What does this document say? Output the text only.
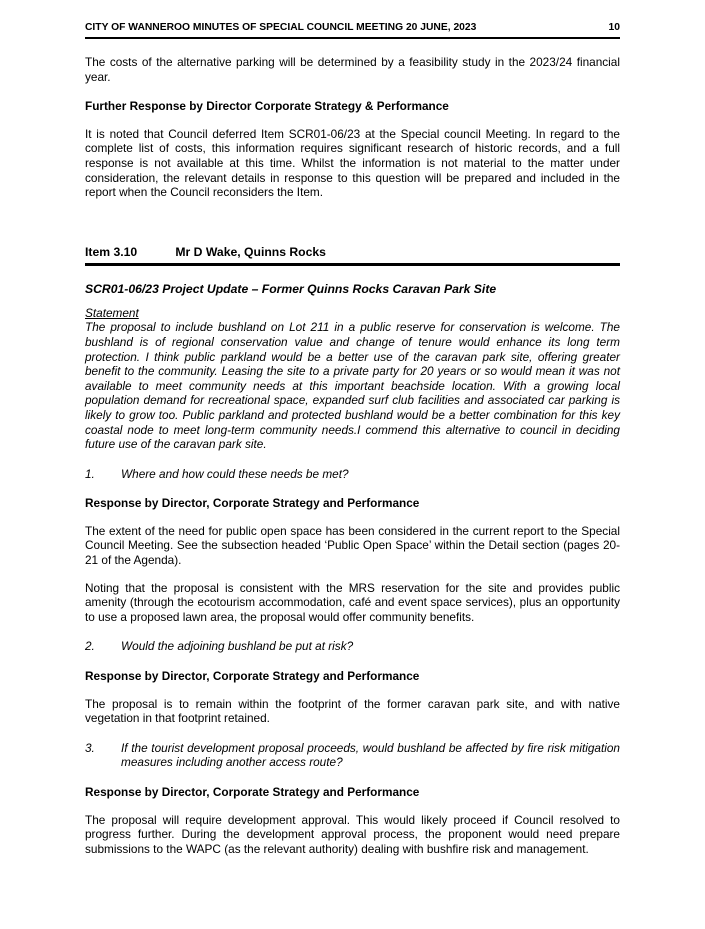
CITY OF WANNEROO MINUTES OF SPECIAL COUNCIL MEETING 20 JUNE, 2023	10

The costs of the alternative parking will be determined by a feasibility study in the 2023/24 financial year.

Further Response by Director Corporate Strategy & Performance

It is noted that Council deferred Item SCR01-06/23 at the Special council Meeting. In regard to the complete list of costs, this information requires significant research of historic records, and a full response is not available at this time. Whilst the information is not material to the matter under consideration, the relevant details in response to this question will be prepared and included in the report when the Council reconsiders the Item.

Item 3.10	Mr D Wake, Quinns Rocks

SCR01-06/23 Project Update – Former Quinns Rocks Caravan Park Site

Statement

The proposal to include bushland on Lot 211 in a public reserve for conservation is welcome. The bushland is of regional conservation value and change of tenure would enhance its long term protection. I think public parkland would be a better use of the caravan park site, offering greater benefit to the community. Leasing the site to a private party for 20 years or so would mean it was not available to meet community needs at this important beachside location. With a growing local population demand for recreational space, expanded surf club facilities and associated car parking is likely to grow too. Public parkland and protected bushland would be a better combination for this key coastal node to meet long-term community needs.I commend this alternative to council in deciding future use of the caravan park site.

1.	Where and how could these needs be met?

Response by Director, Corporate Strategy and Performance

The extent of the need for public open space has been considered in the current report to the Special Council Meeting. See the subsection headed ‘Public Open Space’ within the Detail section (pages 20-21 of the Agenda).

Noting that the proposal is consistent with the MRS reservation for the site and provides public amenity (through the ecotourism accommodation, café and event space services), plus an opportunity to use a proposed lawn area, the proposal would offer community benefits.

2.	Would the adjoining bushland be put at risk?

Response by Director, Corporate Strategy and Performance

The proposal is to remain within the footprint of the former caravan park site, and with native vegetation in that footprint retained.

3.	If the tourist development proposal proceeds, would bushland be affected by fire risk mitigation measures including another access route?

Response by Director, Corporate Strategy and Performance

The proposal will require development approval. This would likely proceed if Council resolved to progress further. During the development approval process, the proponent would need prepare submissions to the WAPC (as the relevant authority) dealing with bushfire risk and management.
